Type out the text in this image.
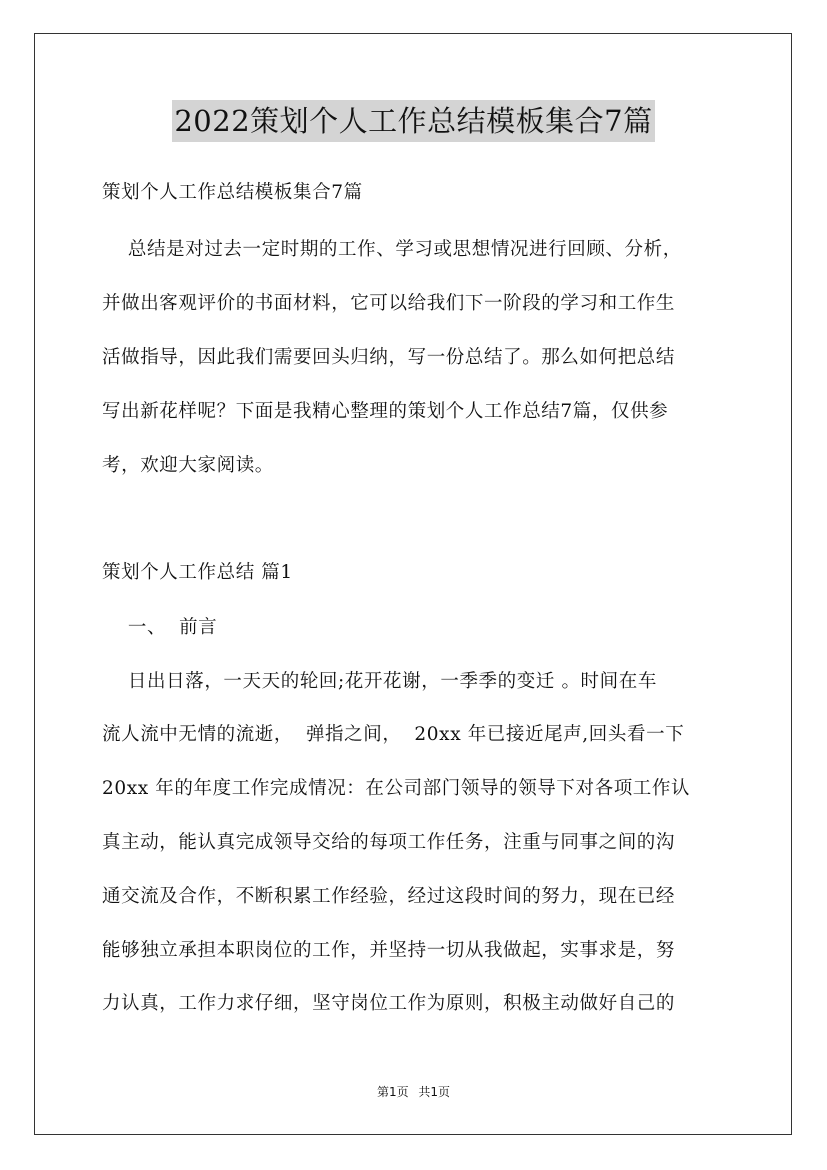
2022策划个人工作总结模板集合7篇
策划个人工作总结模板集合7篇
总结是对过去一定时期的工作、学习或思想情况进行回顾、分析，
并做出客观评价的书面材料，它可以给我们下一阶段的学习和工作生
活做指导，因此我们需要回头归纳，写一份总结了。那么如何把总结
写出新花样呢？下面是我精心整理的策划个人工作总结7篇，仅供参
考，欢迎大家阅读。
策划个人工作总结 篇1
一、  前言
日出日落，一天天的轮回;花开花谢，一季季的变迁 。时间在车
流人流中无情的流逝，  弹指之间，  20xx 年已接近尾声,回头看一下
20xx 年的年度工作完成情况：在公司部门领导的领导下对各项工作认
真主动，能认真完成领导交给的每项工作任务，注重与同事之间的沟
通交流及合作，不断积累工作经验，经过这段时间的努力，现在已经
能够独立承担本职岗位的工作，并坚持一切从我做起，实事求是，努
力认真，工作力求仔细，坚守岗位工作为原则，积极主动做好自己的
第1页 共1页
